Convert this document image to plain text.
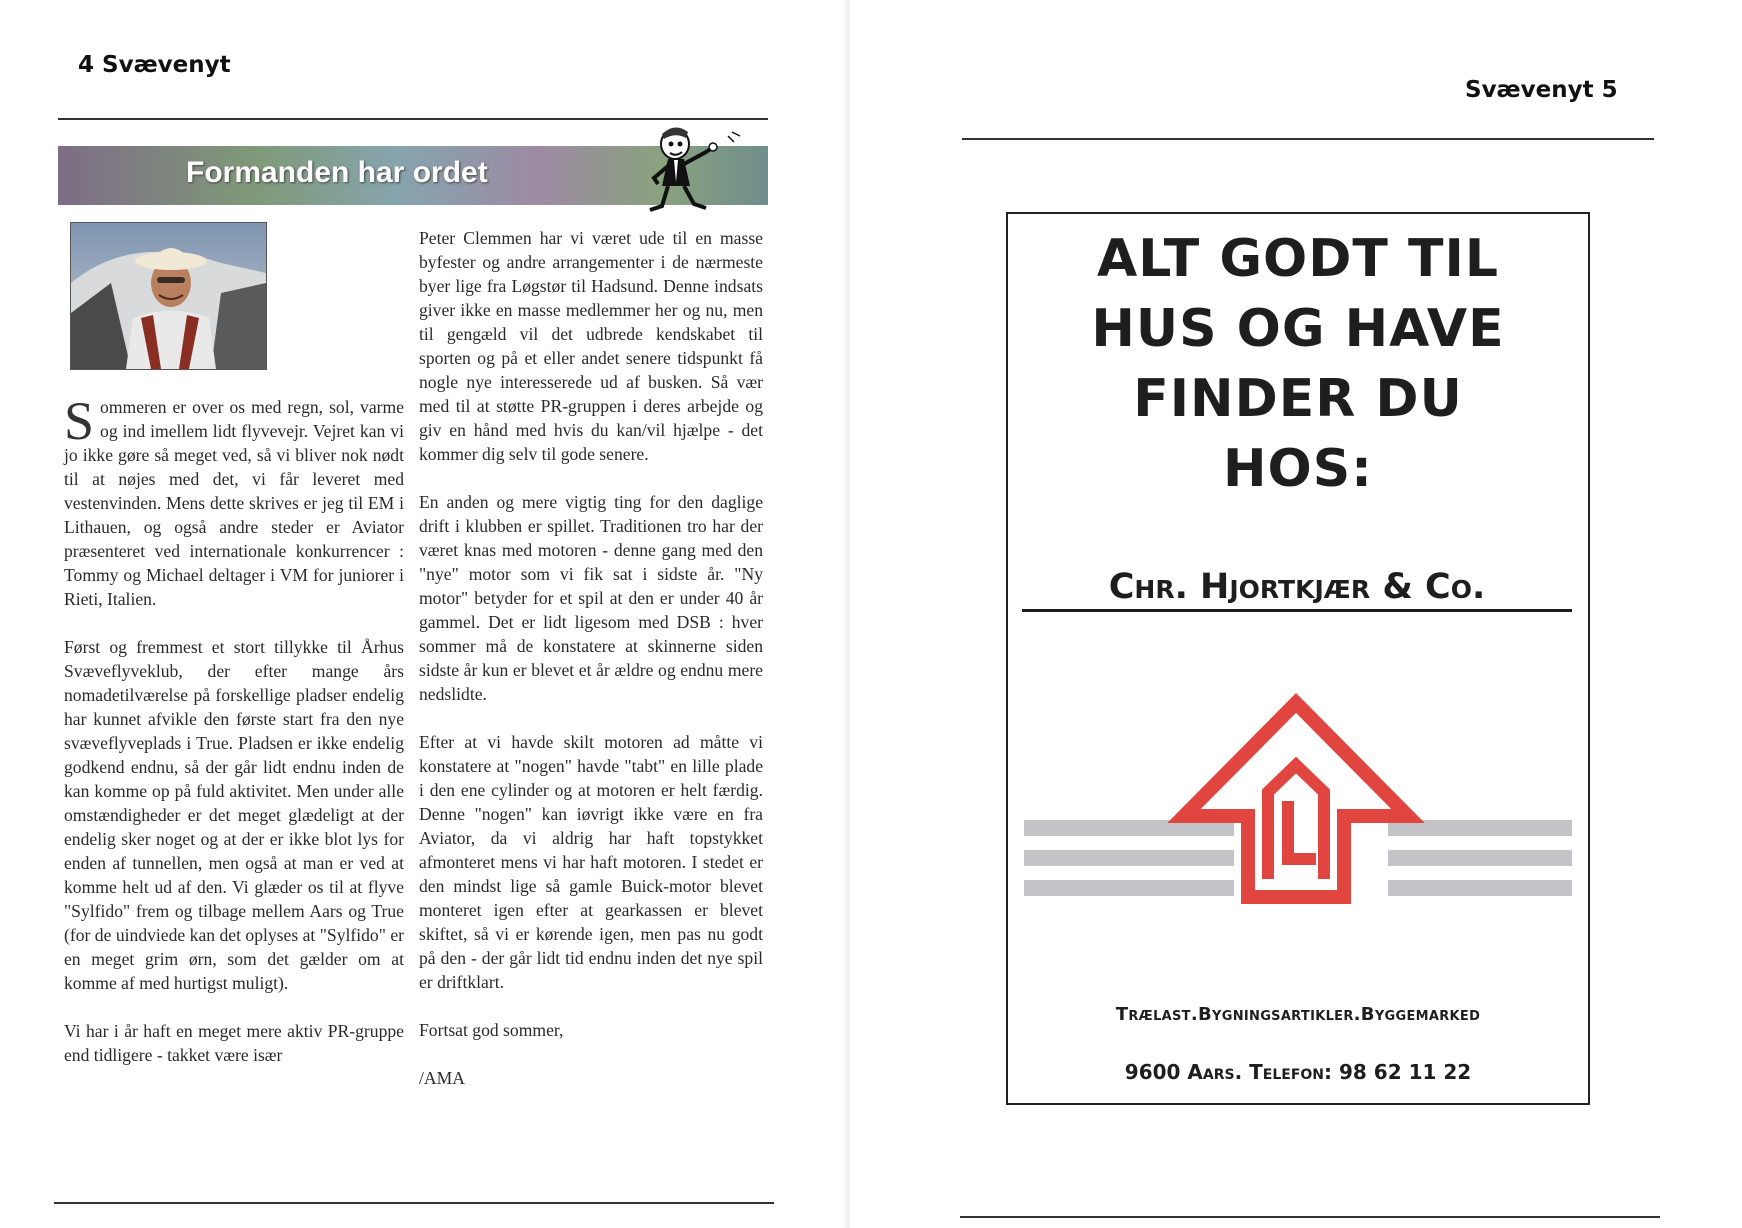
4 Svævenyt
Formanden har ordet

Sommeren er over os med regn, sol, varme og ind imellem lidt flyvevejr. Vejret kan vi jo ikke gøre så meget ved, så vi bliver nok nødt til at nøjes med det, vi får leveret med vestenvinden. Mens dette skrives er jeg til EM i Lithauen, og også andre steder er Aviator præsenteret ved internationale konkurrencer : Tommy og Michael deltager i VM for juniorer i Rieti, Italien.

Først og fremmest et stort tillykke til Århus Svæveflyveklub, der efter mange års nomadetilværelse på forskellige pladser endelig har kunnet afvikle den første start fra den nye svæveflyveplads i True. Pladsen er ikke endelig godkend endnu, så der går lidt endnu inden de kan komme op på fuld aktivitet. Men under alle omstændigheder er det meget glædeligt at der endelig sker noget og at der er ikke blot lys for enden af tunnellen, men også at man er ved at komme helt ud af den. Vi glæder os til at flyve "Sylfido" frem og tilbage mellem Aars og True (for de uindviede kan det oplyses at "Sylfido" er en meget grim ørn, som det gælder om at komme af med hurtigst muligt).

Vi har i år haft en meget mere aktiv PR-gruppe end tidligere - takket være især

Peter Clemmen har vi været ude til en masse byfester og andre arrangementer i de nærmeste byer lige fra Løgstør til Hadsund. Denne indsats giver ikke en masse medlemmer her og nu, men til gengæld vil det udbrede kendskabet til sporten og på et eller andet senere tidspunkt få nogle nye interesserede ud af busken. Så vær med til at støtte PR-gruppen i deres arbejde og giv en hånd med hvis du kan/vil hjælpe - det kommer dig selv til gode senere.

En anden og mere vigtig ting for den daglige drift i klubben er spillet. Traditionen tro har der været knas med motoren - denne gang med den "nye" motor som vi fik sat i sidste år. "Ny motor" betyder for et spil at den er under 40 år gammel. Det er lidt ligesom med DSB : hver sommer må de konstatere at skinnerne siden sidste år kun er blevet et år ældre og endnu mere nedslidte.

Efter at vi havde skilt motoren ad måtte vi konstatere at "nogen" havde "tabt" en lille plade i den ene cylinder og at motoren er helt færdig. Denne "nogen" kan iøvrigt ikke være en fra Aviator, da vi aldrig har haft topstykket afmonteret mens vi har haft motoren. I stedet er den mindst lige så gamle Buick-motor blevet monteret igen efter at gearkassen er blevet skiftet, så vi er kørende igen, men pas nu godt på den - der går lidt tid endnu inden det nye spil er driftklart.

Fortsat god sommer,

/AMA

Svævenyt 5
ALT GODT TIL
HUS OG HAVE
FINDER DU
HOS:
Chr. Hjortkjær & Co.
Trælast.Bygningsartikler.Byggemarked
9600 Aars. Telefon: 98 62 11 22
